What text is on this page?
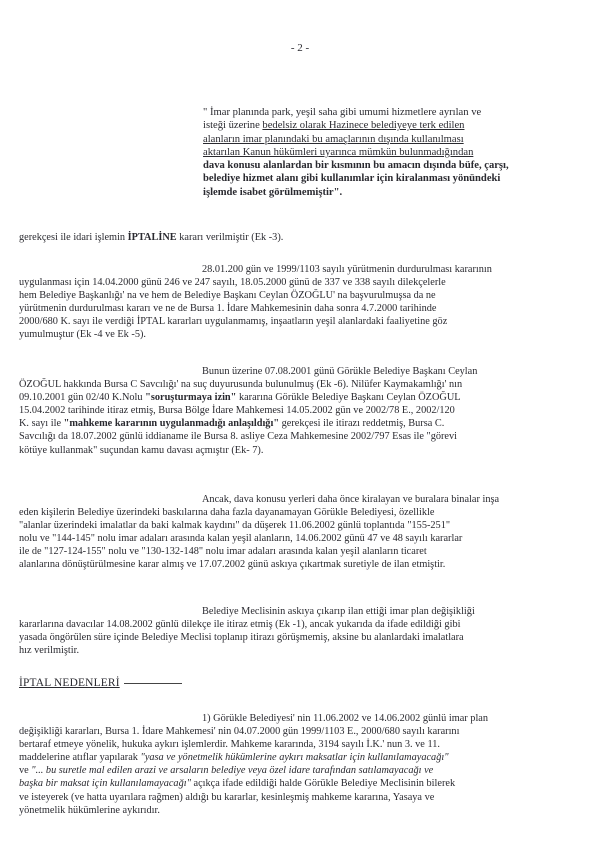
- 2 -
" İmar planında park, yeşil saha gibi umumi hizmetlere ayrılan ve
isteği üzerine bedelsiz olarak Hazinece belediyeye terk edilen
alanların imar planındaki bu amaçlarının dışında kullanılması
aktarılan Kanun hükümleri uyarınca mümkün bulunmadığından
dava konusu alanlardan bir kısmının bu amacın dışında büfe, çarşı,
belediye hizmet alanı gibi kullanımlar için kiralanması yönündeki
işlemde isabet görülmemiştir".
gerekçesi ile idari işlemin İPTALİNE kararı verilmiştir (Ek -3).
28.01.200 gün ve 1999/1103 sayılı yürütmenin durdurulması kararının
uygulanması için 14.04.2000 günü 246 ve 247 sayılı, 18.05.2000 günü de 337 ve 338 sayılı dilekçelerle
hem Belediye Başkanlığı' na ve hem de Belediye Başkanı Ceylan ÖZOĞLU' na başvurulmuşsa da ne
yürütmenin durdurulması kararı ve ne de Bursa 1. İdare Mahkemesinin daha sonra 4.7.2000 tarihinde
2000/680 K. sayı ile verdiği İPTAL kararları uygulanmamış, inşaatların yeşil alanlardaki faaliyetine göz
yumulmuştur (Ek -4 ve Ek -5).
Bunun üzerine 07.08.2001 günü Görükle Belediye Başkanı Ceylan
ÖZOĞUL hakkında Bursa C Savcılığı' na suç duyurusunda bulunulmuş (Ek -6). Nilüfer Kaymakamlığı' nın
09.10.2001 gün 02/40 K.Nolu "soruşturmaya izin" kararına Görükle Belediye Başkanı Ceylan ÖZOĞUL
15.04.2002 tarihinde itiraz etmiş, Bursa Bölge İdare Mahkemesi 14.05.2002 gün ve 2002/78 E., 2002/120
K. sayı ile "mahkeme kararının uygulanmadığı anlaşıldığı" gerekçesi ile itirazı reddetmiş, Bursa C.
Savcılığı da 18.07.2002 günlü iddianame ile Bursa 8. asliye Ceza Mahkemesine 2002/797 Esas ile "görevi
kötüye kullanmak" suçundan kamu davası açmıştır (Ek- 7).
Ancak, dava konusu yerleri daha önce kiralayan ve buralara binalar inşa
eden kişilerin Belediye üzerindeki baskılarına daha fazla dayanamayan Görükle Belediyesi, özellikle
"alanlar üzerindeki imalatlar da baki kalmak kaydını" da düşerek 11.06.2002 günlü toplantıda "155-251"
nolu ve "144-145" nolu imar adaları arasında kalan yeşil alanların, 14.06.2002 günü 47 ve 48 sayılı kararlar
ile de "127-124-155" nolu ve "130-132-148" nolu imar adaları arasında kalan yeşil alanların ticaret
alanlarına dönüştürülmesine karar almış ve 17.07.2002 günü askıya çıkartmak suretiyle de ilan etmiştir.
Belediye Meclisinin askıya çıkarıp ilan ettiği imar plan değişikliği
kararlarına davacılar 14.08.2002 günlü dilekçe ile itiraz etmiş (Ek -1), ancak yukarıda da ifade edildiği gibi
yasada öngörülen süre içinde Belediye Meclisi toplanıp itirazı görüşmemiş, aksine bu alanlardaki imalatlara
hız verilmiştir.
İPTAL NEDENLERİ
1) Görükle Belediyesi' nin 11.06.2002 ve 14.06.2002 günlü imar plan
değişikliği kararları, Bursa 1. İdare Mahkemesi' nin 04.07.2000 gün 1999/1103 E., 2000/680 sayılı kararını
bertaraf etmeye yönelik, hukuka aykırı işlemlerdir. Mahkeme kararında, 3194 sayılı İ.K.' nun 3. ve 11.
maddelerine atıflar yapılarak "yasa ve yönetmelik hükümlerine aykırı maksatlar için kullanılamayacağı"
ve "... bu suretle mal edilen arazi ve arsaların belediye veya özel idare tarafından satılamayacağı ve
başka bir maksat için kullanılamayacağı" açıkça ifade edildiği halde Görükle Belediye Meclisinin bilerek
ve isteyerek (ve hatta uyarılara rağmen) aldığı bu kararlar, kesinleşmiş mahkeme kararına, Yasaya ve
yönetmelik hükümlerine aykırıdır.
